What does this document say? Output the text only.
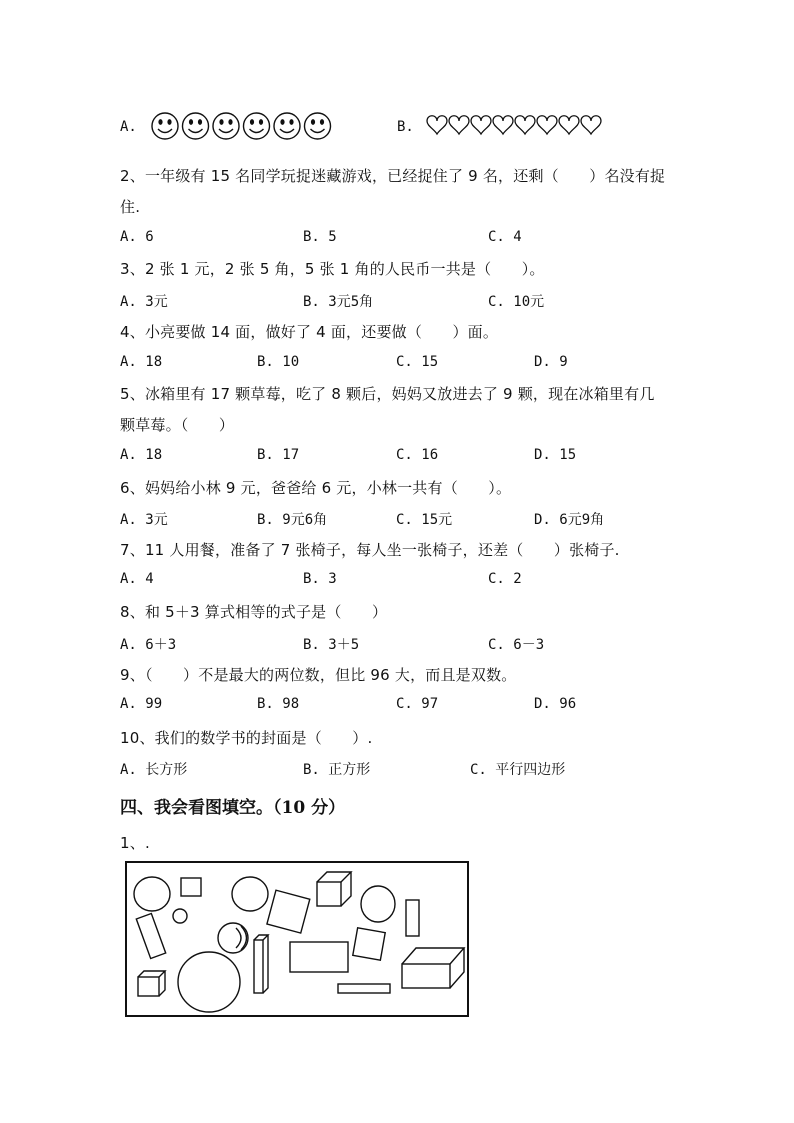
A.	B.
2、一年级有 15 名同学玩捉迷藏游戏，已经捉住了 9 名，还剩（　　）名没有捉
住.
A. 6	B. 5	C. 4
3、2 张 1 元，2 张 5 角，5 张 1 角的人民币一共是（　　）。
A. 3元	B. 3元5角	C. 10元
4、小亮要做 14 面，做好了 4 面，还要做（　　）面。
A. 18	B. 10	C. 15	D. 9
5、冰箱里有 17 颗草莓，吃了 8 颗后，妈妈又放进去了 9 颗，现在冰箱里有几
颗草莓。（　　）
A. 18	B. 17	C. 16	D. 15
6、妈妈给小林 9 元，爸爸给 6 元，小林一共有（　　）。
A. 3元	B. 9元6角	C. 15元	D. 6元9角
7、11 人用餐，准备了 7 张椅子，每人坐一张椅子，还差（　　）张椅子.
A. 4	B. 3	C. 2
8、和 5＋3 算式相等的式子是（　　）
A. 6＋3	B. 3＋5	C. 6－3
9、（　　）不是最大的两位数，但比 96 大，而且是双数。
A. 99	B. 98	C. 97	D. 96
10、我们的数学书的封面是（　　）.
A. 长方形	B. 正方形	C. 平行四边形
四、我会看图填空。（10 分）
1、.
